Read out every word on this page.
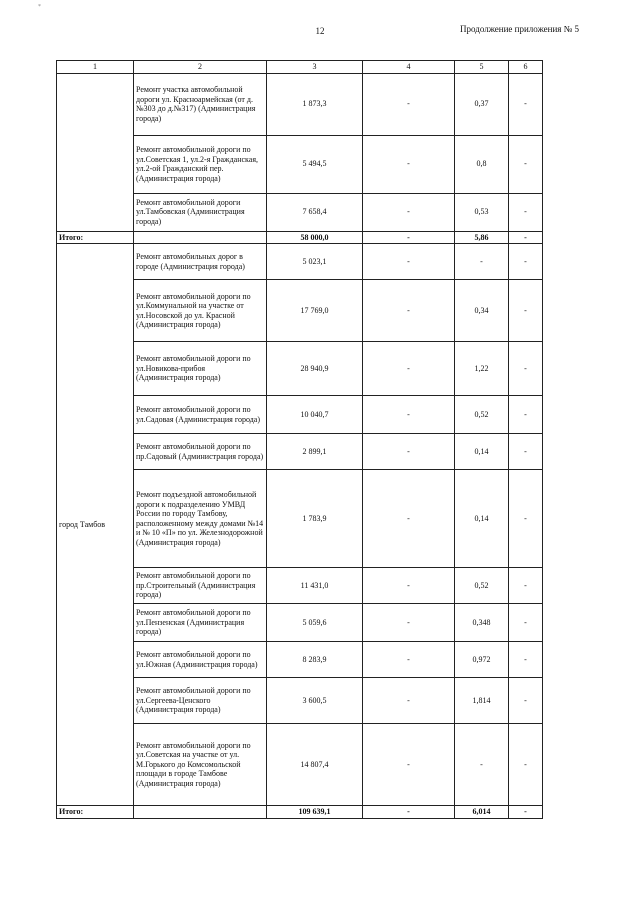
*
12	Продолжение приложения № 5
1	2	3	4	5	6
	Ремонт участка автомобильной дороги ул. Красноармейская (от д.№303 до д.№317) (Администрация города)	1 873,3	-	0,37	-
	Ремонт автомобильной дороги по ул.Советская 1, ул.2-я Гражданская, ул.2-ой Гражданский пер. (Администрация города)	5 494,5	-	0,8	-
	Ремонт автомобильной дороги ул.Тамбовская (Администрация города)	7 658,4	-	0,53	-
Итого:		58 000,0	-	5,86	-
город Тамбов	Ремонт автомобильных дорог в городе (Администрация города)	5 023,1	-	-	-
	Ремонт автомобильной дороги по ул.Коммунальной на участке от ул.Носовской до ул. Красной (Администрация города)	17 769,0	-	0,34	-
	Ремонт автомобильной дороги по ул.Новикова-прибоя (Администрация города)	28 940,9	-	1,22	-
	Ремонт автомобильной дороги по ул.Садовая (Администрация города)	10 040,7	-	0,52	-
	Ремонт автомобильной дороги по пр.Садовый (Администрация города)	2 899,1	-	0,14	-
	Ремонт подъездной автомобильной дороги к подразделению УМВД России по городу Тамбову, расположенному между домами №14 и № 10 «П» по ул. Железнодорожной (Администрация города)	1 783,9	-	0,14	-
	Ремонт автомобильной дороги по пр.Строительный (Администрация города)	11 431,0	-	0,52	-
	Ремонт автомобильной дороги по ул.Пензенская (Администрация города)	5 059,6	-	0,348	-
	Ремонт автомобильной дороги по ул.Южная (Администрация города)	8 283,9	-	0,972	-
	Ремонт автомобильной дороги по ул.Сергеева-Ценского (Администрация города)	3 600,5	-	1,814	-
	Ремонт автомобильной дороги по ул.Советская на участке от ул. М.Горького до Комсомольской площади в городе Тамбове (Администрация города)	14 807,4	-	-	-
Итого:		109 639,1	-	6,014	-
